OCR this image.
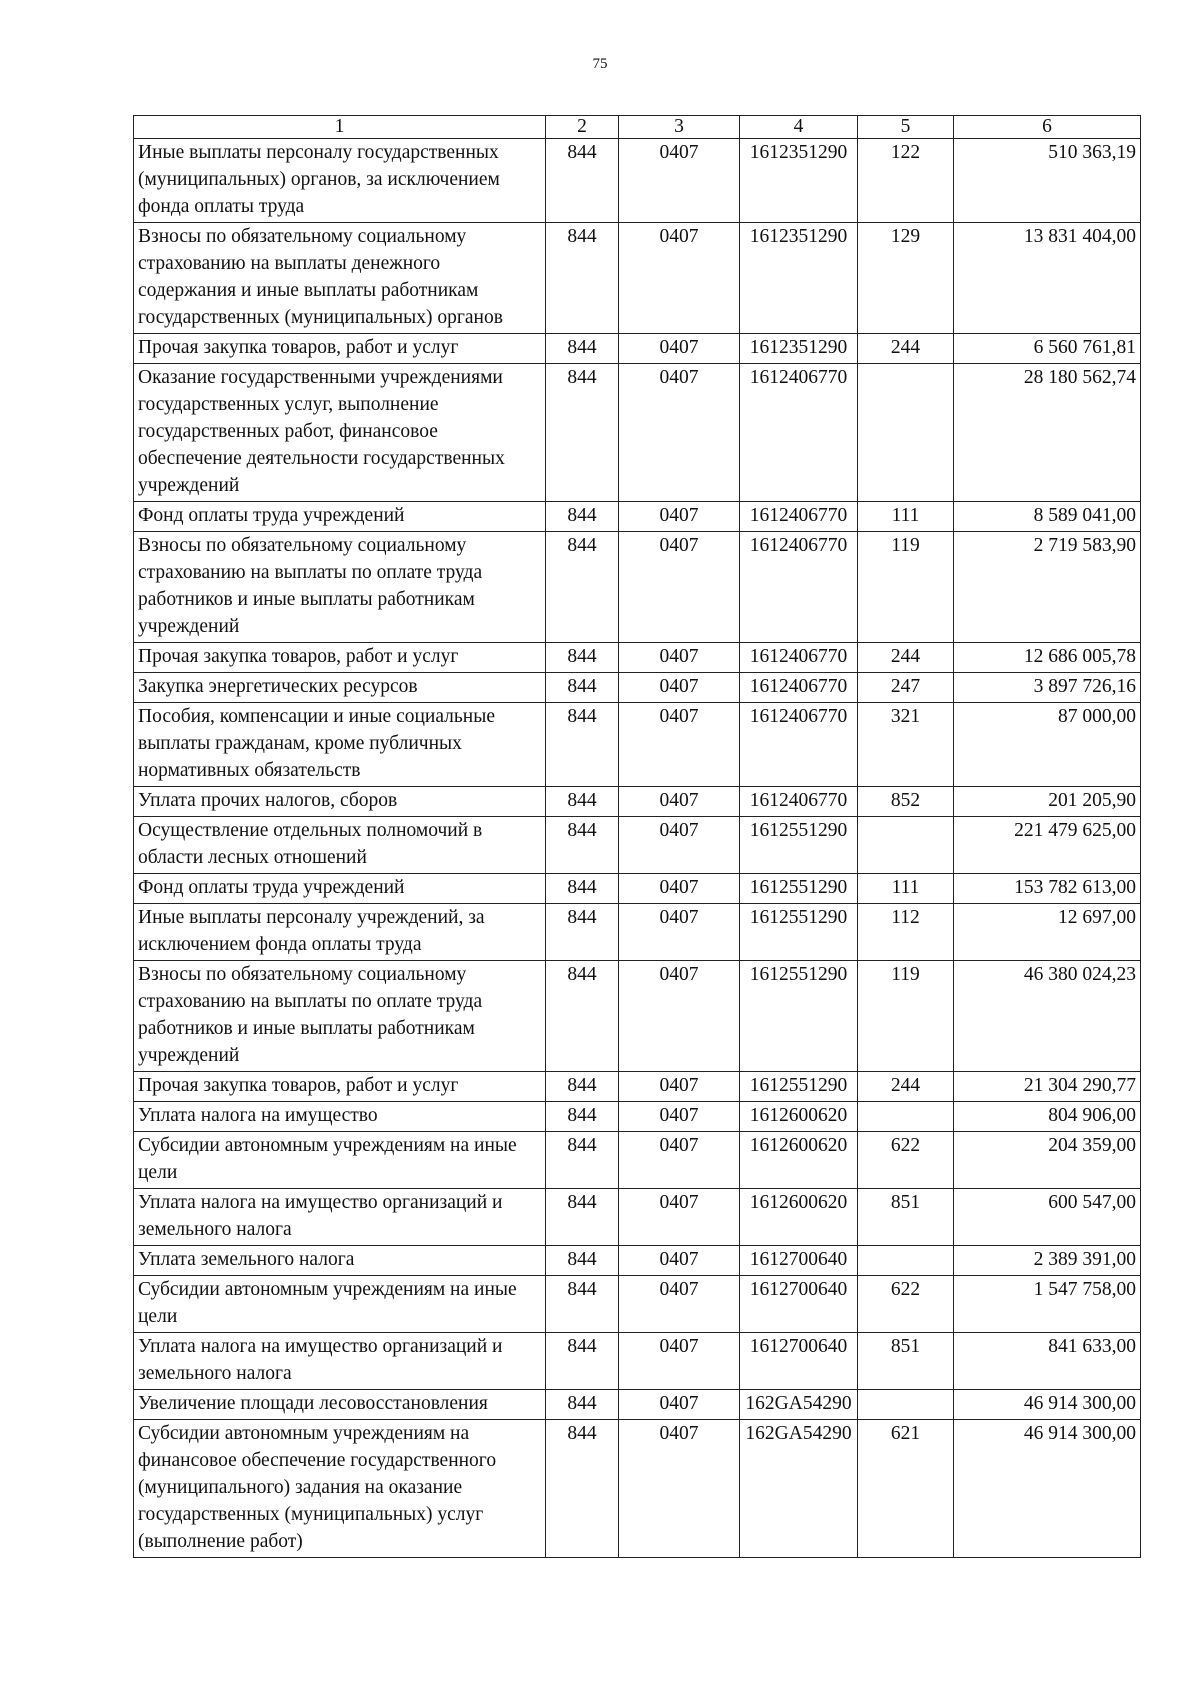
75
1	2	3	4	5	6
Иные выплаты персоналу государственных (муниципальных) органов, за исключением фонда оплаты труда	844	0407	1612351290	122	510 363,19
Взносы по обязательному социальному страхованию на выплаты денежного содержания и иные выплаты работникам государственных (муниципальных) органов	844	0407	1612351290	129	13 831 404,00
Прочая закупка товаров, работ и услуг	844	0407	1612351290	244	6 560 761,81
Оказание государственными учреждениями государственных услуг, выполнение государственных работ, финансовое обеспечение деятельности государственных учреждений	844	0407	1612406770		28 180 562,74
Фонд оплаты труда учреждений	844	0407	1612406770	111	8 589 041,00
Взносы по обязательному социальному страхованию на выплаты по оплате труда работников и иные выплаты работникам учреждений	844	0407	1612406770	119	2 719 583,90
Прочая закупка товаров, работ и услуг	844	0407	1612406770	244	12 686 005,78
Закупка энергетических ресурсов	844	0407	1612406770	247	3 897 726,16
Пособия, компенсации и иные социальные выплаты гражданам, кроме публичных нормативных обязательств	844	0407	1612406770	321	87 000,00
Уплата прочих налогов, сборов	844	0407	1612406770	852	201 205,90
Осуществление отдельных полномочий в области лесных отношений	844	0407	1612551290		221 479 625,00
Фонд оплаты труда учреждений	844	0407	1612551290	111	153 782 613,00
Иные выплаты персоналу учреждений, за исключением фонда оплаты труда	844	0407	1612551290	112	12 697,00
Взносы по обязательному социальному страхованию на выплаты по оплате труда работников и иные выплаты работникам учреждений	844	0407	1612551290	119	46 380 024,23
Прочая закупка товаров, работ и услуг	844	0407	1612551290	244	21 304 290,77
Уплата налога на имущество	844	0407	1612600620		804 906,00
Субсидии автономным учреждениям на иные цели	844	0407	1612600620	622	204 359,00
Уплата налога на имущество организаций и земельного налога	844	0407	1612600620	851	600 547,00
Уплата земельного налога	844	0407	1612700640		2 389 391,00
Субсидии автономным учреждениям на иные цели	844	0407	1612700640	622	1 547 758,00
Уплата налога на имущество организаций и земельного налога	844	0407	1612700640	851	841 633,00
Увеличение площади лесовосстановления	844	0407	162GA54290		46 914 300,00
Субсидии автономным учреждениям на финансовое обеспечение государственного (муниципального) задания на оказание государственных (муниципальных) услуг (выполнение работ)	844	0407	162GA54290	621	46 914 300,00
